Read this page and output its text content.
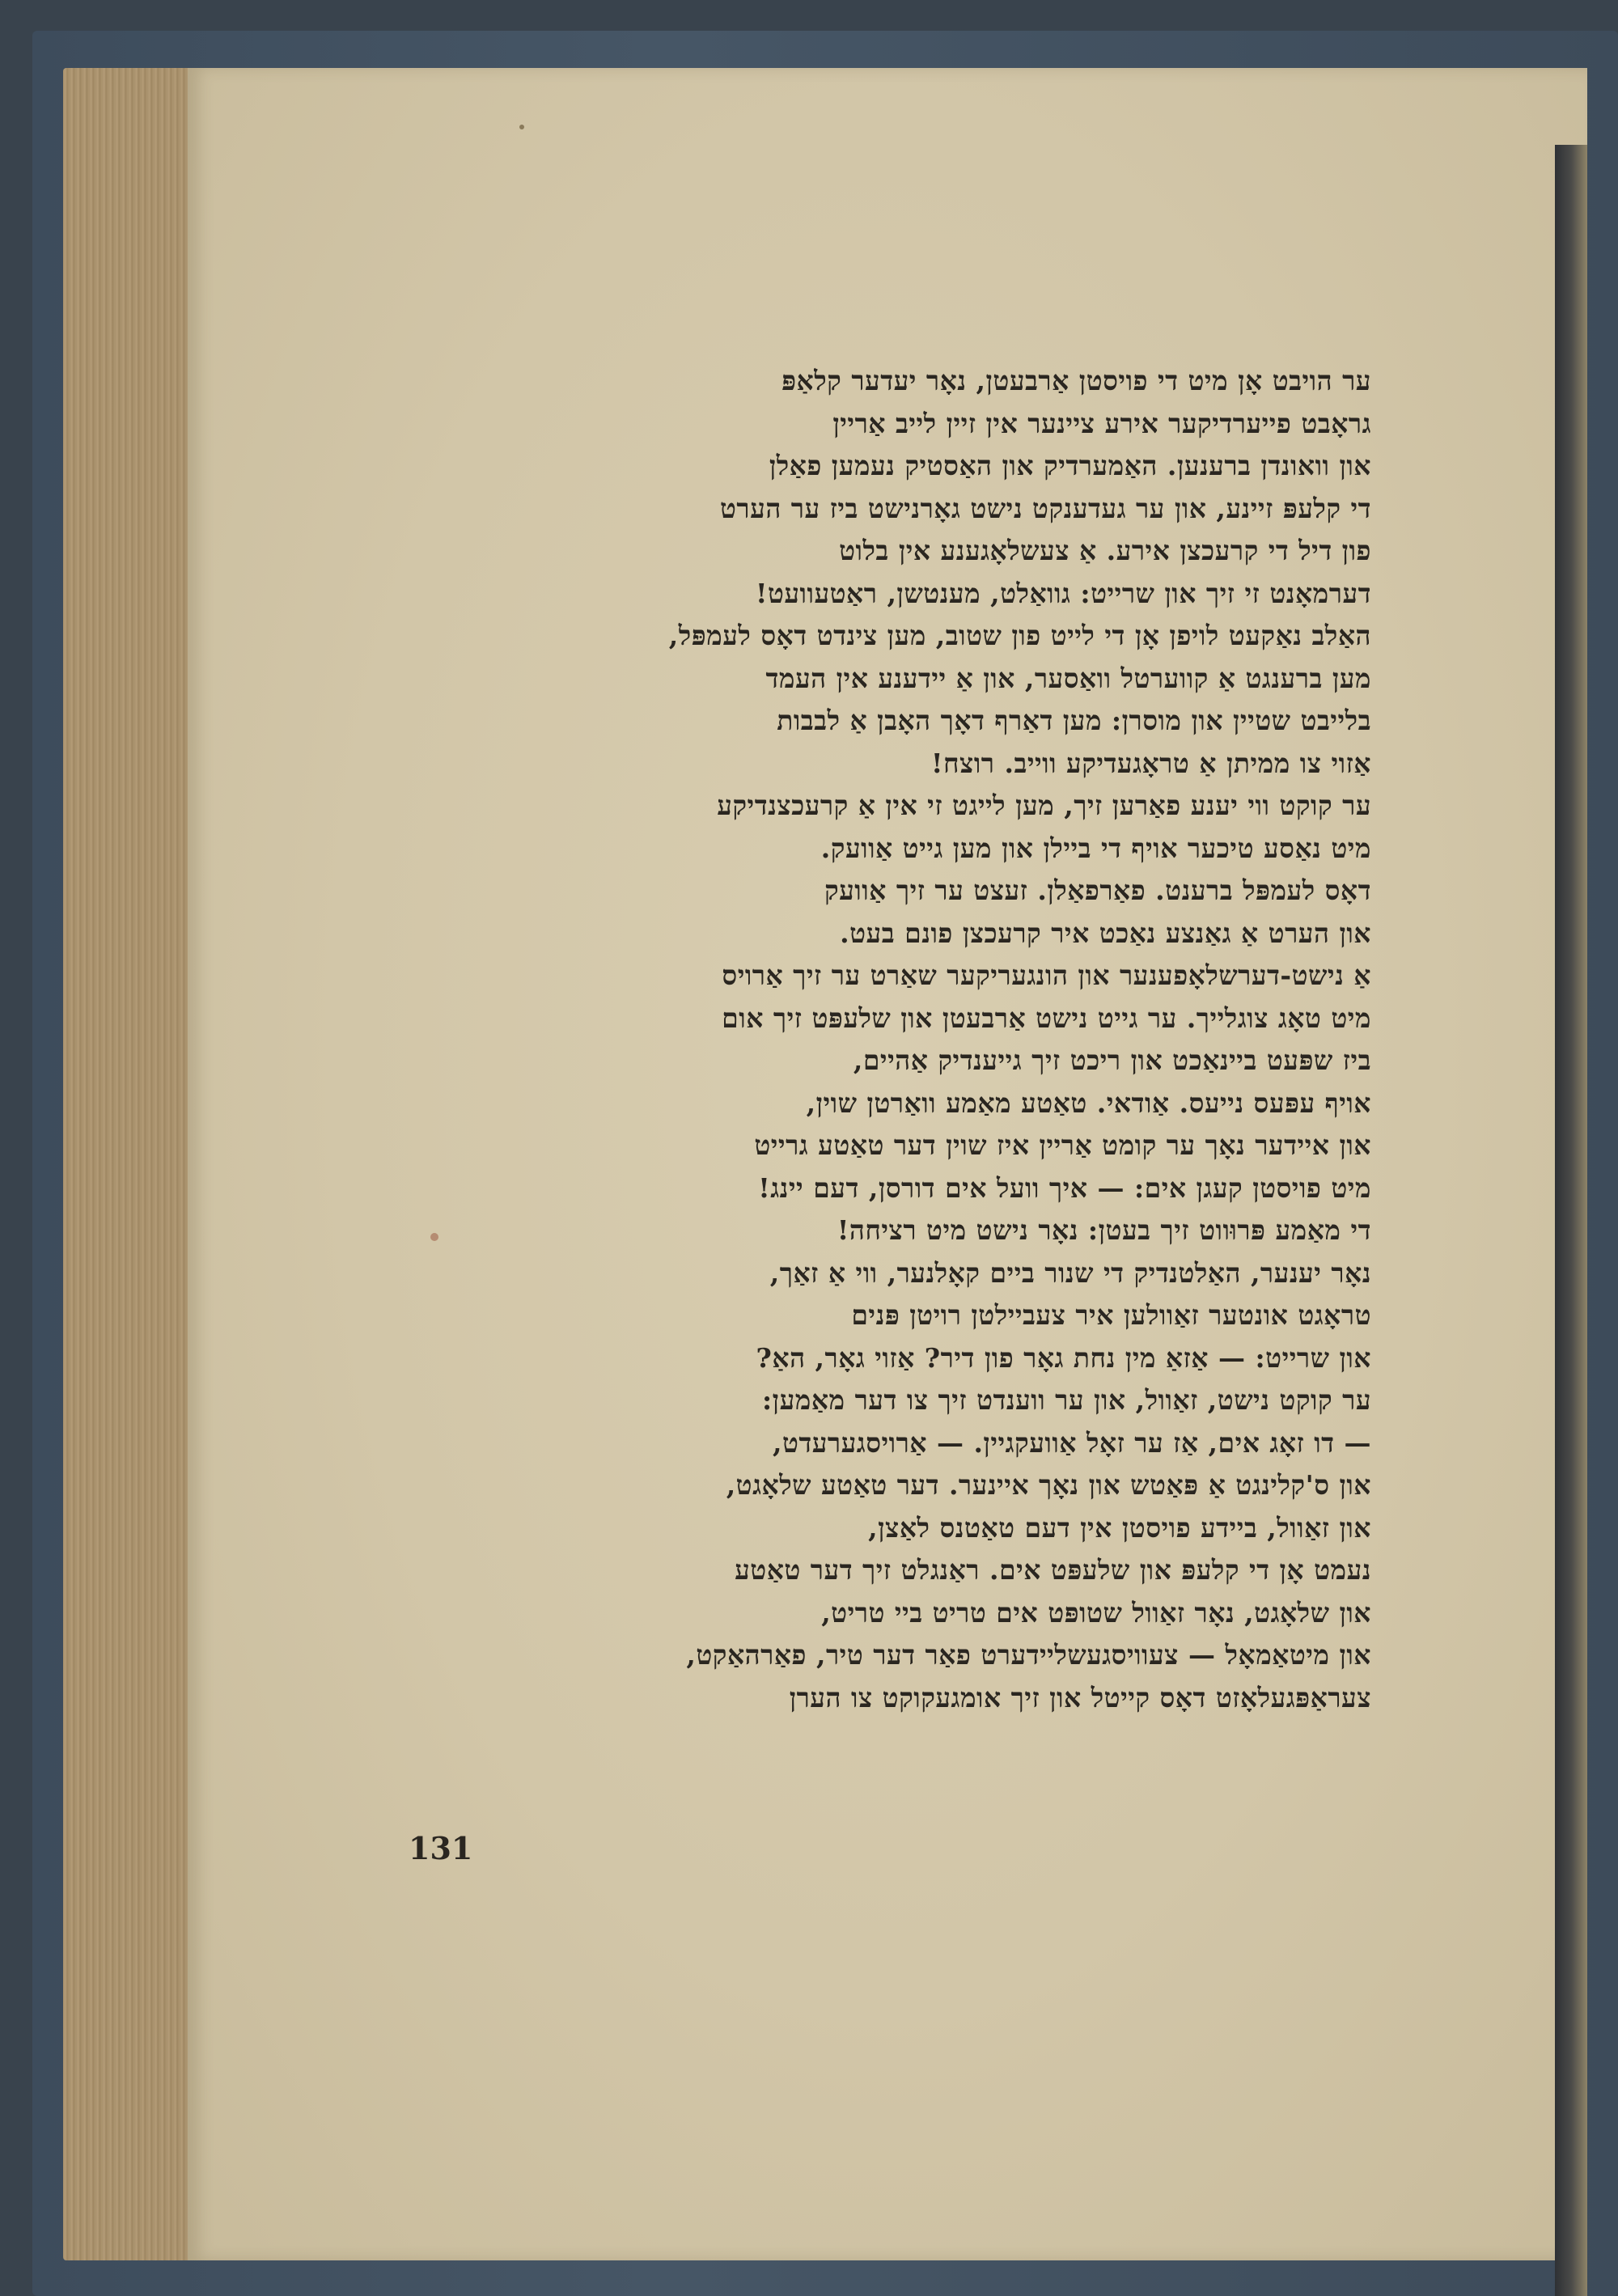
ער הויבט אָן מיט די פויסטן אַרבעטן, נאָר יעדער קלאַפּ
גראָבט פייערדיקער אירע ציינער אין זיין לייב אַריין
און וואונדן ברענען. האַמערדיק און האַסטיק נעמען פאַלן
די קלעפּ זיינע, און ער געדענקט נישט גאָרנישט ביז ער הערט
פון דיל די קרעכצן אירע. אַ צעשלאָגענע אין בלוט
דערמאָנט זי זיך און שרייט: גוואַלט, מענטשן, ראַטעוועט!
האַלב נאַקעט לויפן אָן די לייט פון שטוב, מען צינדט דאָס לעמפּל,
מען ברענגט אַ קווערטל וואַסער, און אַ יידענע אין העמד
בלייבט שטיין און מוסרן: מען דאַרף דאָך האָבן אַ לבבות
אַזוי צו ממיתן אַ טראָגעדיקע ווייב. רוצח!
ער קוקט ווי יענע פאַרען זיך, מען לייגט זי אין אַ קרעכצנדיקע
מיט נאַסע טיכער אויף די ביילן און מען גייט אַוועק.
דאָס לעמפּל ברענט. פאַרפאַלן. זעצט ער זיך אַוועק
און הערט אַ גאַנצע נאַכט איר קרעכצן פונם בעט.
אַ נישט-דערשלאָפענער און הונגעריקער שאַרט ער זיך אַרויס
מיט טאָג צוגלייך. ער גייט נישט אַרבעטן און שלעפּט זיך אום
ביז שפּעט ביינאַכט און ריכט זיך גייענדיק אַהיים,
אויף עפּעס נייעס. אַודאי. טאַטע מאַמע וואַרטן שוין,
און איידער נאָך ער קומט אַריין איז שוין דער טאַטע גרייט
מיט פויסטן קעגן אים: — איך וועל אים דורסן, דעם יינג!
די מאַמע פּרוּווט זיך בעטן: נאָר נישט מיט רציחה!
נאָר יענער, האַלטנדיק די שנור ביים קאָלנער, ווי אַ זאַך,
טראָגט אונטער זאַוולען איר צעביילטן רויטן פּנים
און שרייט: — אַזאַ מין נחת גאָר פון דיר? אַזוי גאָר, האַ?
ער קוקט נישט, זאַוול, און ער ווענדט זיך צו דער מאַמען:
— דו זאָג אים, אַז ער זאָל אַוועקגיין. — אַרויסגערעדט,
און ס'קלינגט אַ פּאַטש און נאָך איינער. דער טאַטע שלאָגט,
און זאַוול, ביידע פויסטן אין דעם טאַטנס לאַצן,
נעמט אָן די קלעפּ און שלעפּט אים. ראַנגלט זיך דער טאַטע
און שלאָגט, נאָר זאַוול שטופּט אים טריט ביי טריט,
און מיטאַמאָל — צעוויסגעשליידערט פאַר דער טיר, פאַרהאַקט,
צעראַפּגעלאָזט דאָס קייטל און זיך אומגעקוקט צו הערן
131
